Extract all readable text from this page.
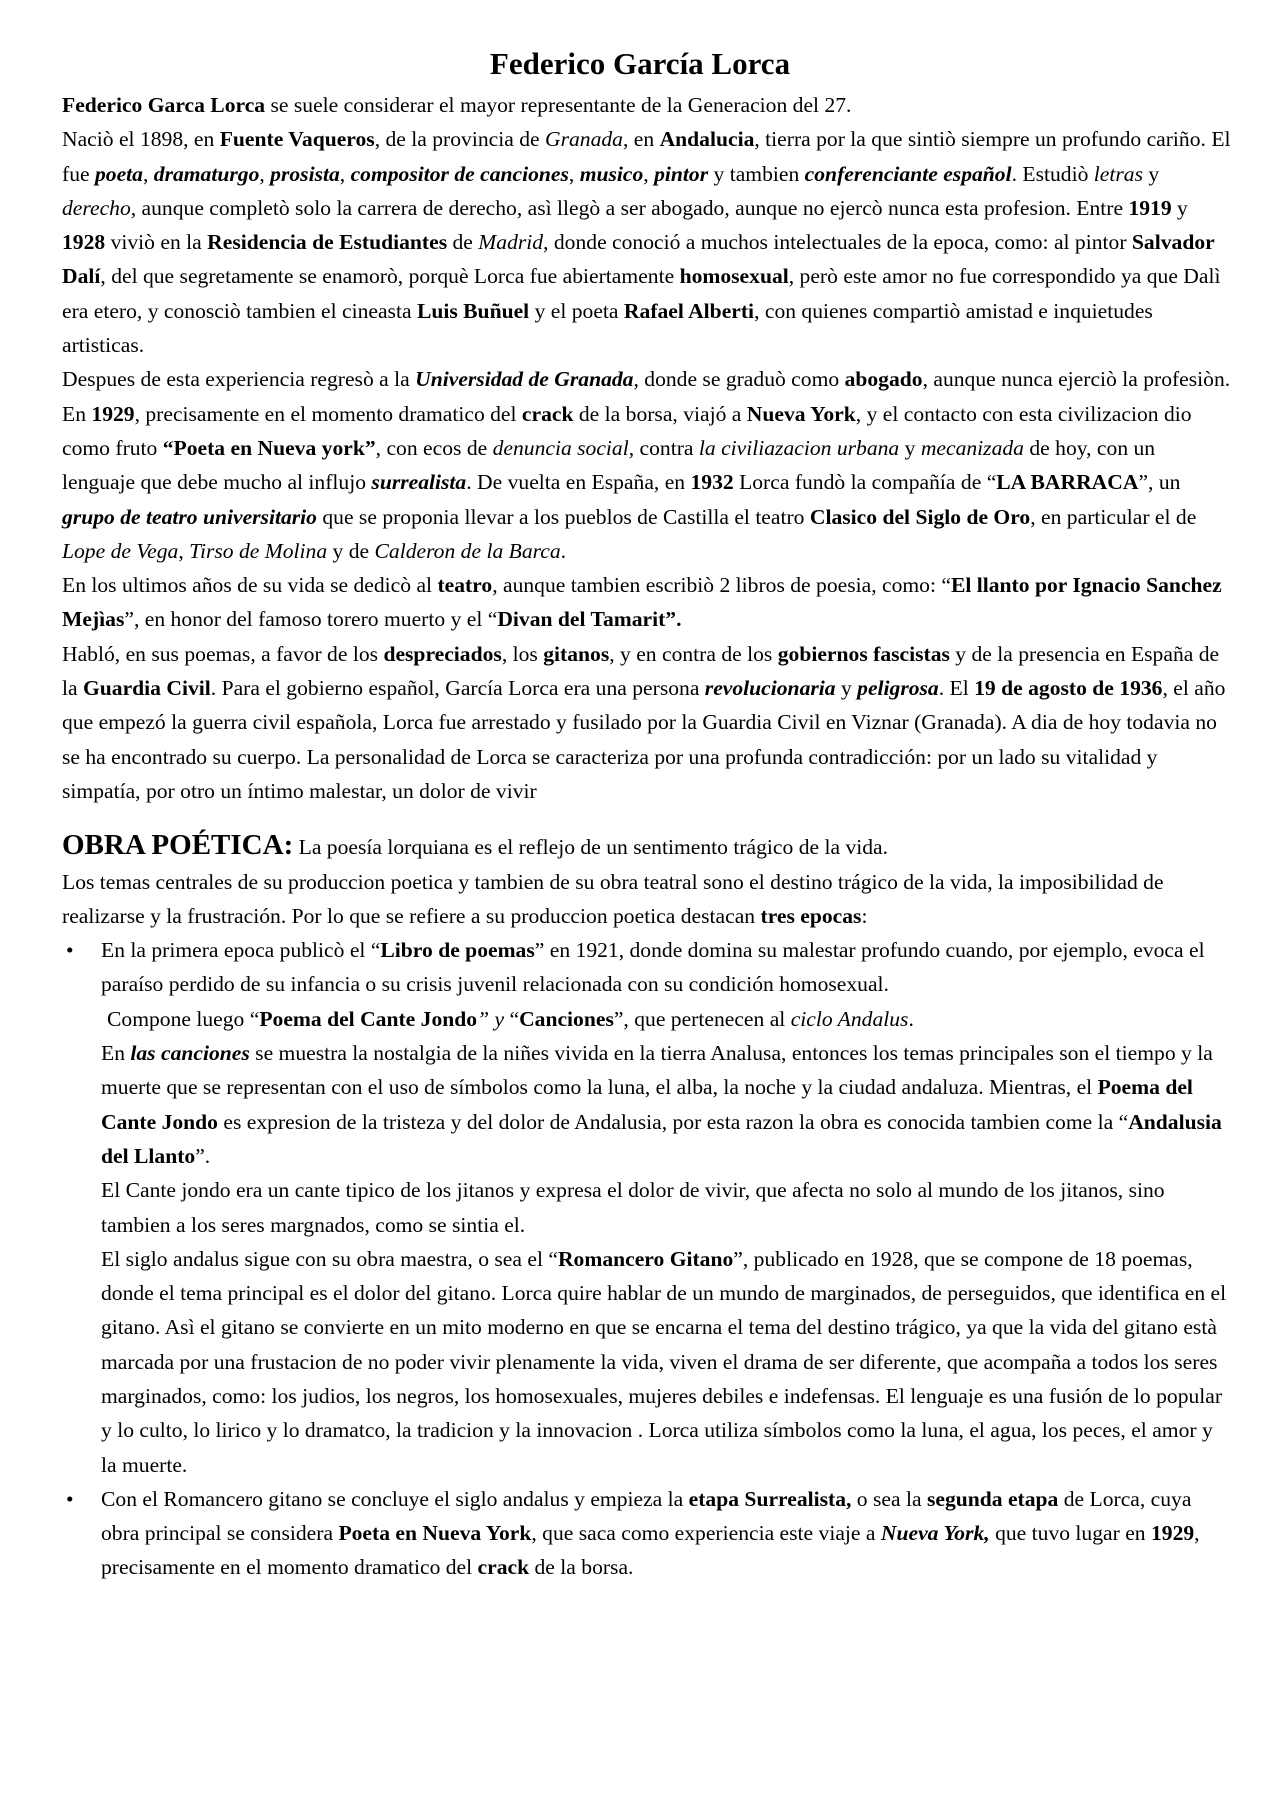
Federico García Lorca

Federico Garca Lorca se suele considerar el mayor representante de la Generacion del 27.

Naciò el 1898, en Fuente Vaqueros, de la provincia de Granada, en Andalucia, tierra por la que sintiò siempre un profundo cariño. El fue poeta, dramaturgo, prosista, compositor de canciones, musico, pintor y tambien conferenciante español. Estudiò letras y derecho, aunque completò solo la carrera de derecho, asì llegò a ser abogado, aunque no ejercò nunca esta profesion. Entre 1919 y 1928 viviò en la Residencia de Estudiantes de Madrid, donde conoció a muchos intelectuales de la epoca, como: al pintor Salvador Dalí, del que segretamente se enamorò, porquè Lorca fue abiertamente homosexual, però este amor no fue correspondido ya que Dalì era etero, y conosciò tambien el cineasta Luis Buñuel y el poeta Rafael Alberti, con quienes compartiò amistad e inquietudes artisticas.

Despues de esta experiencia regresò a la Universidad de Granada, donde se graduò como abogado, aunque nunca ejerciò la profesiòn. En 1929, precisamente en el momento dramatico del crack de la borsa, viajó a Nueva York, y el contacto con esta civilizacion dio como fruto “Poeta en Nueva york”, con ecos de denuncia social, contra la civiliazacion urbana y mecanizada de hoy, con un lenguaje que debe mucho al influjo surrealista. De vuelta en España, en 1932 Lorca fundò la compañía de “LA BARRACA”, un grupo de teatro universitario que se proponia llevar a los pueblos de Castilla el teatro Clasico del Siglo de Oro, en particular el de Lope de Vega, Tirso de Molina y de Calderon de la Barca.

En los ultimos años de su vida se dedicò al teatro, aunque tambien escribiò 2 libros de poesia, como: “El llanto por Ignacio Sanchez Mejìas”, en honor del famoso torero muerto y el “Divan del Tamarit”.

Habló, en sus poemas, a favor de los despreciados, los gitanos, y en contra de los gobiernos fascistas y de la presencia en España de la Guardia Civil. Para el gobierno español, García Lorca era una persona revolucionaria y peligrosa. El 19 de agosto de 1936, el año que empezó la guerra civil española, Lorca fue arrestado y fusilado por la Guardia Civil en Viznar (Granada). A dia de hoy todavia no se ha encontrado su cuerpo. La personalidad de Lorca se caracteriza por una profunda contradicción: por un lado su vitalidad y simpatía, por otro un íntimo malestar, un dolor de vivir

OBRA POÉTICA: La poesía lorquiana es el reflejo de un sentimento trágico de la vida.

Los temas centrales de su produccion poetica y tambien de su obra teatral sono el destino trágico de la vida, la imposibilidad de realizarse y la frustración. Por lo que se refiere a su produccion poetica destacan tres epocas:

• En la primera epoca publicò el “Libro de poemas” en 1921, donde domina su malestar profundo cuando, por ejemplo, evoca el paraíso perdido de su infancia o su crisis juvenil relacionada con su condición homosexual.
Compone luego “Poema del Cante Jondo” y “Canciones”, que pertenecen al ciclo Andalus.
En las canciones se muestra la nostalgia de la niñes vivida en la tierra Analusa, entonces los temas principales son el tiempo y la muerte que se representan con el uso de símbolos como la luna, el alba, la noche y la ciudad andaluza. Mientras, el Poema del Cante Jondo es expresion de la tristeza y del dolor de Andalusia, por esta razon la obra es conocida tambien come la “Andalusia del Llanto”.
El Cante jondo era un cante tipico de los jitanos y expresa el dolor de vivir, que afecta no solo al mundo de los jitanos, sino tambien a los seres margnados, como se sintia el.
El siglo andalus sigue con su obra maestra, o sea el “Romancero Gitano”, publicado en 1928, que se compone de 18 poemas, donde el tema principal es el dolor del gitano. Lorca quire hablar de un mundo de marginados, de perseguidos, que identifica en el gitano. Asì el gitano se convierte en un mito moderno en que se encarna el tema del destino trágico, ya que la vida del gitano està marcada por una frustacion de no poder vivir plenamente la vida, viven el drama de ser diferente, que acompaña a todos los seres marginados, como: los judios, los negros, los homosexuales, mujeres debiles e indefensas. El lenguaje es una fusión de lo popular y lo culto, lo lirico y lo dramatco, la tradicion y la innovacion . Lorca utiliza símbolos como la luna, el agua, los peces, el amor y la muerte.
• Con el Romancero gitano se concluye el siglo andalus y empieza la etapa Surrealista, o sea la segunda etapa de Lorca, cuya obra principal se considera Poeta en Nueva York, que saca como experiencia este viaje a Nueva York, que tuvo lugar en 1929, precisamente en el momento dramatico del crack de la borsa.
